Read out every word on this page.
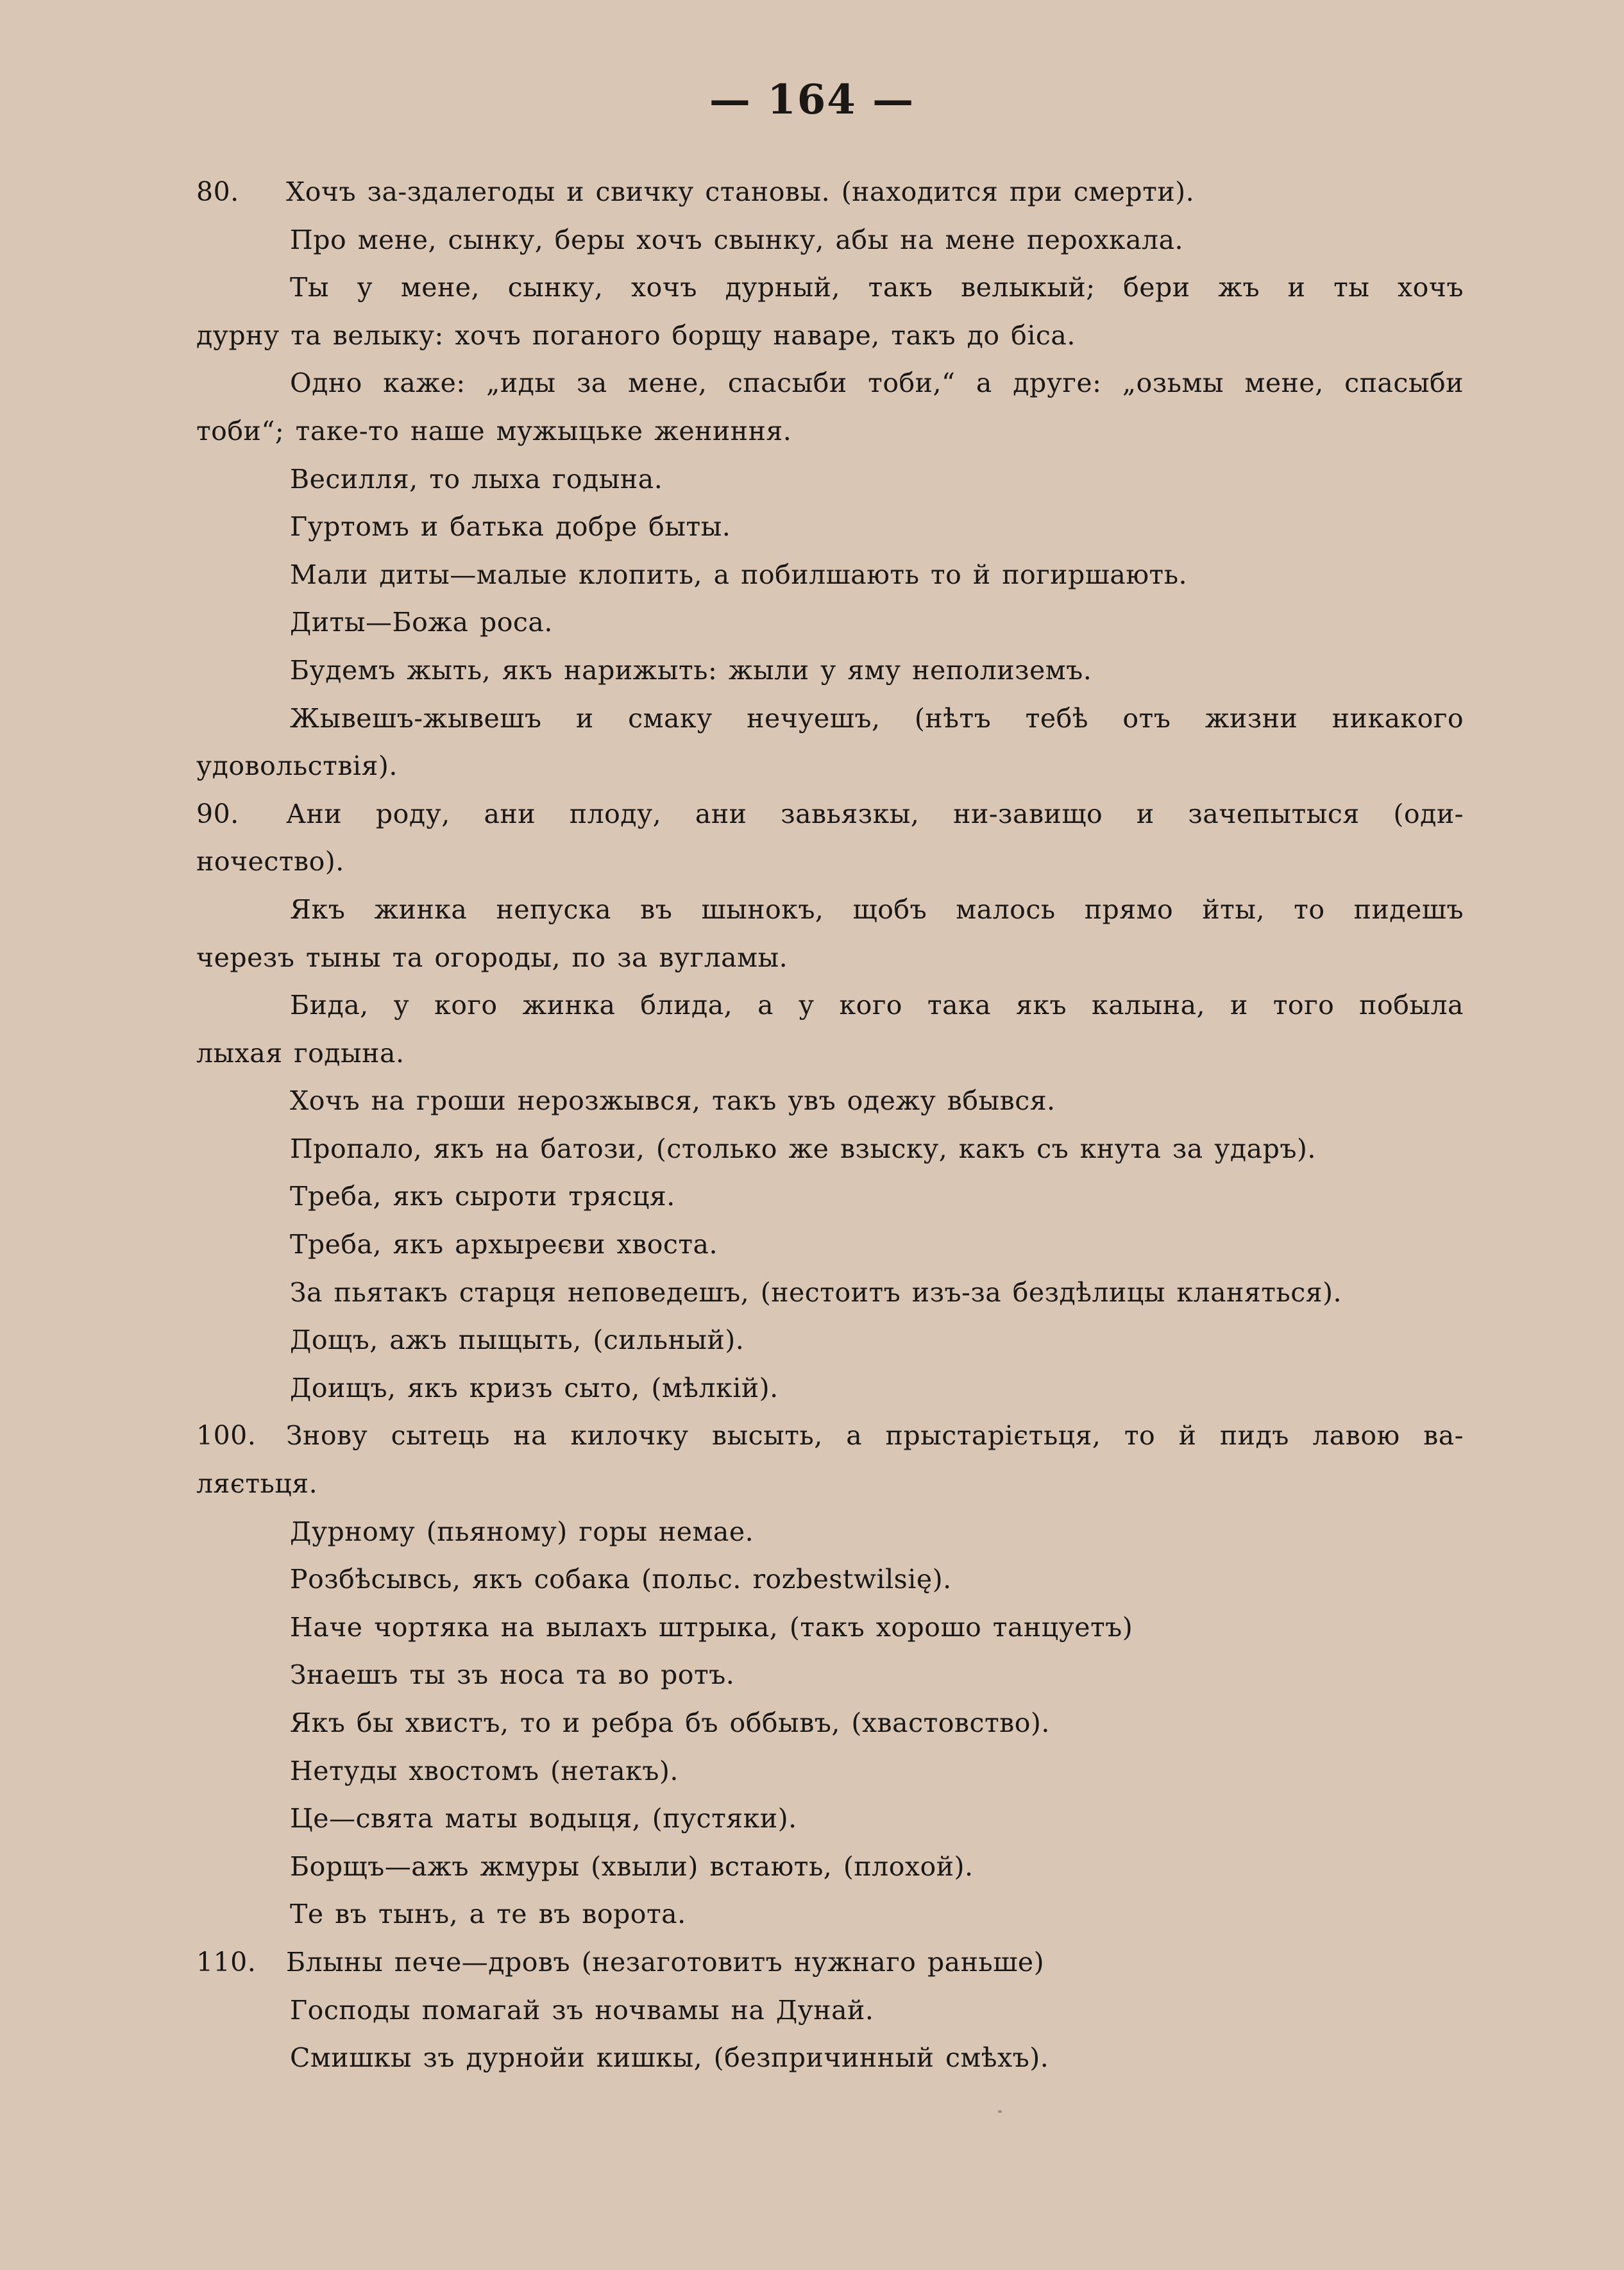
— 164 —
80. Хочъ за-здалегоды и свичку становы. (находится при смерти).
Про мене, сынку, беры хочъ свынку, абы на мене перохкала.
Ты у мене, сынку, хочъ дурный, такъ велыкый; бери жъ и ты хочъ
дурну та велыку: хочъ поганого борщу наваре, такъ до бiса.
Одно каже: „иды за мене, спасыби тоби,“ а друге: „озьмы мене, спасыби
тоби“; таке-то наше мужыцьке жениння.
Весилля, то лыха годына.
Гуртомъ и батька добре быты.
Мали диты—малые клопить, а побилшають то й погиршають.
Диты—Божа роса.
Будемъ жыть, якъ нарижыть: жыли у яму неполиземъ.
Жывешъ-жывешъ и смаку нечуешъ, (нѣтъ тебѣ отъ жизни никакого
удовольствiя).
90. Ани роду, ани плоду, ани завьязкы, ни-завищо и зачепытыся (оди-
ночество).
Якъ жинка непуска въ шынокъ, щобъ малось прямо йты, то пидешъ
черезъ тыны та огороды, по за вугламы.
Бида, у кого жинка блида, а у кого така якъ калына, и того побыла
лыхая годына.
Хочъ на гроши нерозжывся, такъ увъ одежу вбывся.
Пропало, якъ на батози, (столько же взыску, какъ съ кнута за ударъ).
Треба, якъ сыроти трясця.
Треба, якъ архыреєви хвоста.
За пьятакъ старця неповедешъ, (нестоитъ изъ-за бездѣлицы кланяться).
Дощъ, ажъ пыщыть, (сильный).
Доищъ, якъ кризъ сыто, (мѣлкiй).
100. Знову сытець на килочку высыть, а прыстарiєтьця, то й пидъ лавою ва-
ляєтьця.
Дурному (пьяному) горы немае.
Розбѣсывсь, якъ собака (польс. rozbestwilsię).
Наче чортяка на вылахъ штрыка, (такъ хорошо танцуетъ)
Знаешъ ты зъ носа та во ротъ.
Якъ бы хвистъ, то и ребра бъ оббывъ, (хвастовство).
Нетуды хвостомъ (нетакъ).
Це—свята маты водыця, (пустяки).
Борщъ—ажъ жмуры (хвыли) встають, (плохой).
Те въ тынъ, а те въ ворота.
110. Блыны пече—дровъ (незаготовитъ нужнаго раньше)
Господы помагай зъ ночвамы на Дунай.
Смишкы зъ дурнойи кишкы, (безпричинный смѣхъ).
